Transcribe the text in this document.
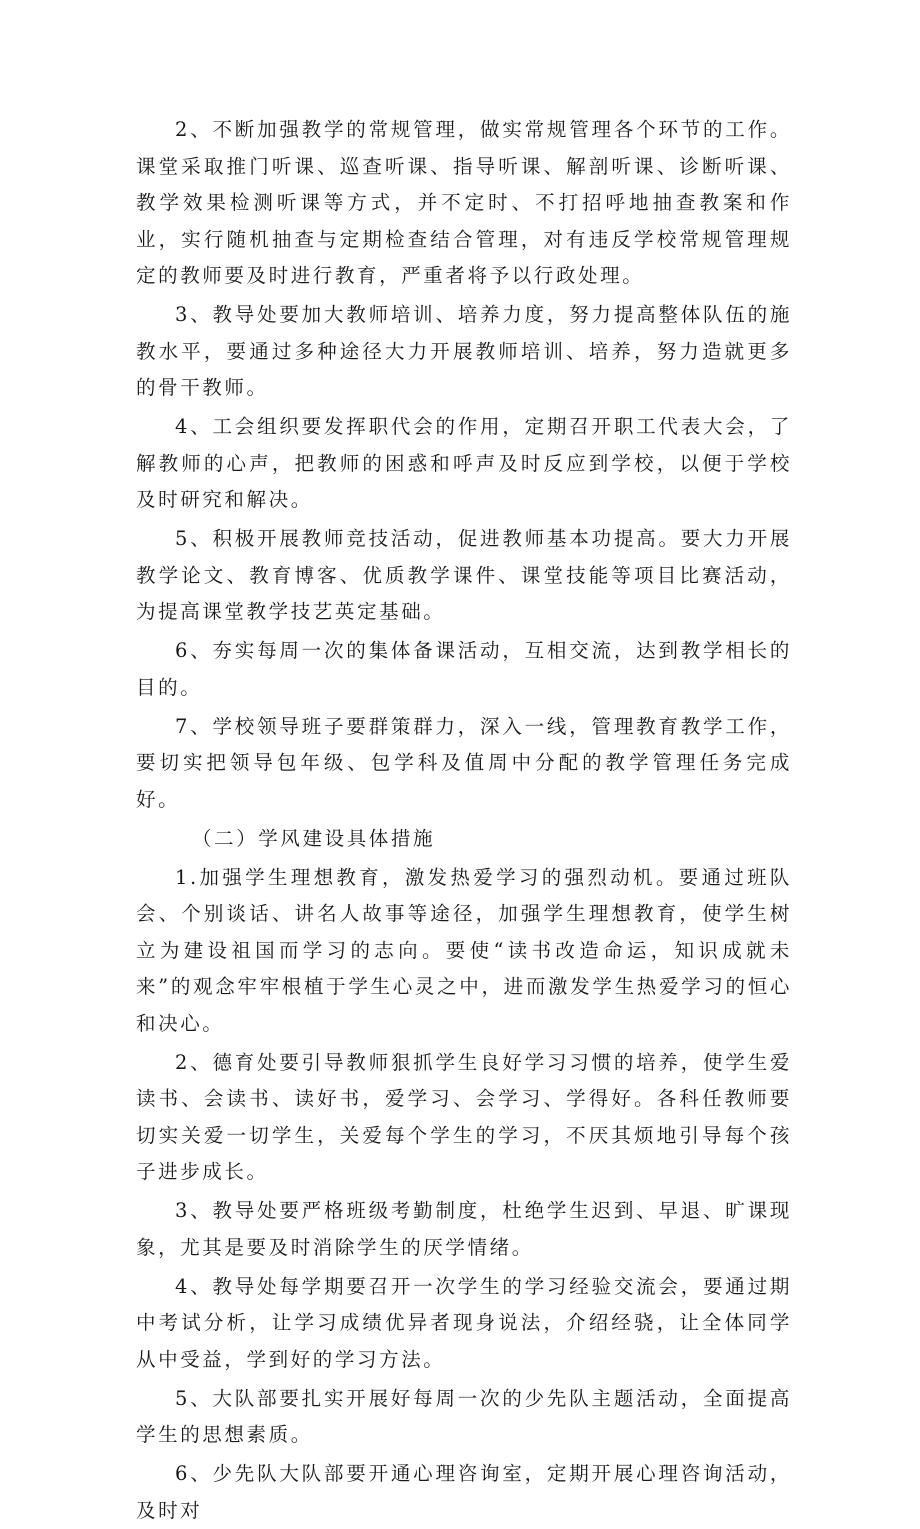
2、不断加强教学的常规管理，做实常规管理各个环节的工作。课堂采取推门听课、巡查听课、指导听课、解剖听课、诊断听课、教学效果检测听课等方式，并不定时、不打招呼地抽查教案和作业，实行随机抽查与定期检查结合管理，对有违反学校常规管理规定的教师要及时进行教育，严重者将予以行政处理。

3、教导处要加大教师培训、培养力度，努力提高整体队伍的施教水平，要通过多种途径大力开展教师培训、培养，努力造就更多的骨干教师。

4、工会组织要发挥职代会的作用，定期召开职工代表大会，了解教师的心声，把教师的困惑和呼声及时反应到学校，以便于学校及时研究和解决。

5、积极开展教师竞技活动，促进教师基本功提高。要大力开展教学论文、教育博客、优质教学课件、课堂技能等项目比赛活动，为提高课堂教学技艺英定基础。

6、夯实每周一次的集体备课活动，互相交流，达到教学相长的目的。

7、学校领导班子要群策群力，深入一线，管理教育教学工作，要切实把领导包年级、包学科及值周中分配的教学管理任务完成好。

（二）学风建设具体措施

1.加强学生理想教育，激发热爱学习的强烈动机。要通过班队会、个别谈话、讲名人故事等途径，加强学生理想教育，使学生树立为建设祖国而学习的志向。要使“读书改造命运，知识成就未来”的观念牢牢根植于学生心灵之中，进而激发学生热爱学习的恒心和决心。

2、德育处要引导教师狠抓学生良好学习习惯的培养，使学生爱读书、会读书、读好书，爱学习、会学习、学得好。各科任教师要切实关爱一切学生，关爱每个学生的学习，不厌其烦地引导每个孩子进步成长。

3、教导处要严格班级考勤制度，杜绝学生迟到、早退、旷课现象，尤其是要及时消除学生的厌学情绪。

4、教导处每学期要召开一次学生的学习经验交流会，要通过期中考试分析，让学习成绩优异者现身说法，介绍经骁，让全体同学从中受益，学到好的学习方法。

5、大队部要扎实开展好每周一次的少先队主题活动，全面提高学生的思想素质。

6、少先队大队部要开通心理咨询室，定期开展心理咨询活动，及时对
